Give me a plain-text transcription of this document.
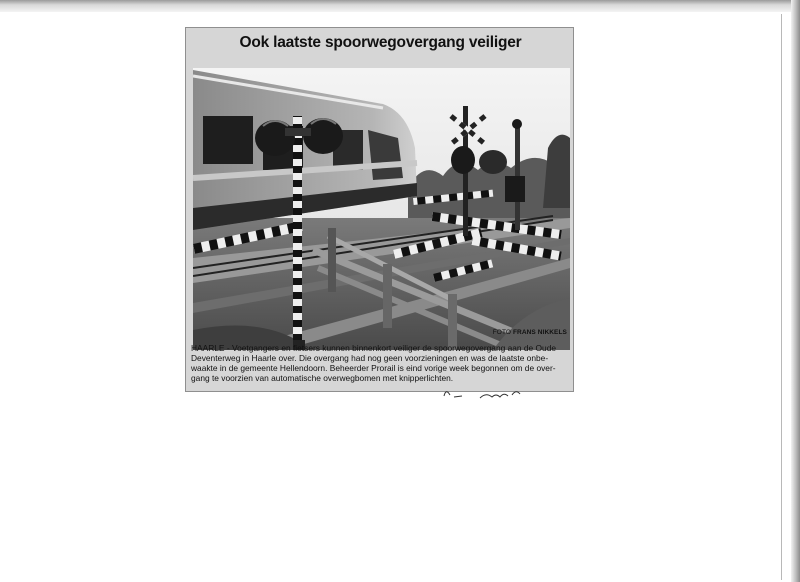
Ook laatste spoorwegovergang veiliger
FOTO FRANS NIKKELS
HAARLE - Voetgangers en fietsers kunnen binnenkort veiliger de spoorwegovergang aan de Oude
Deventerweg in Haarle over. Die overgang had nog geen voorzieningen en was de laatste onbe-
waakte in de gemeente Hellendoorn. Beheerder Prorail is eind vorige week begonnen om de over-
gang te voorzien van automatische overwegbomen met knipperlichten.
